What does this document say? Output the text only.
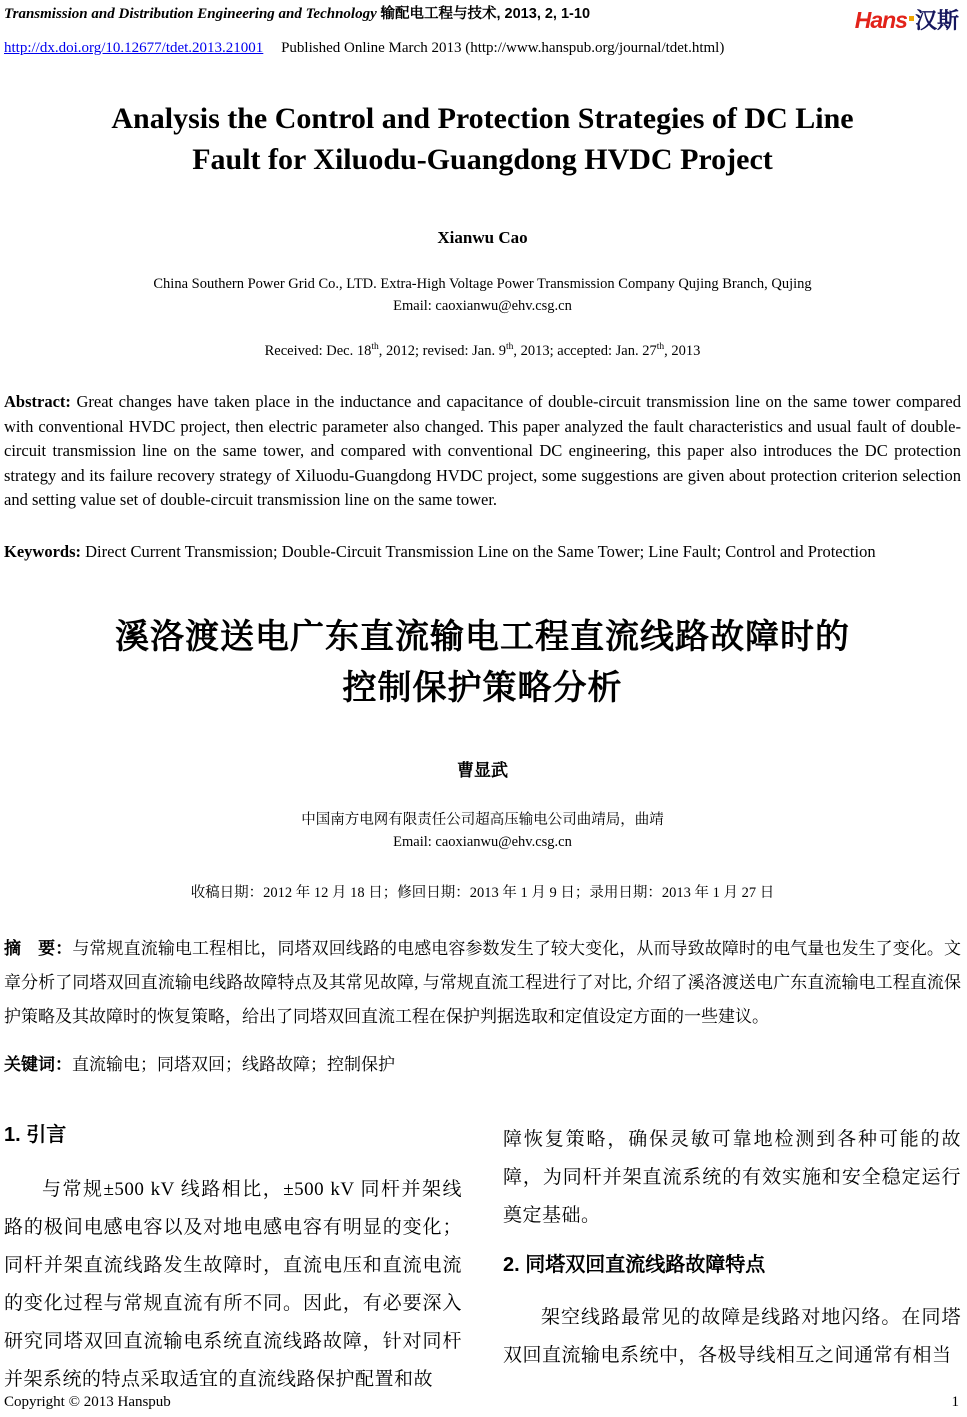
Transmission and Distribution Engineering and Technology 输配电工程与技术, 2013, 2, 1-10	Hans 汉斯
http://dx.doi.org/10.12677/tdet.2013.21001 Published Online March 2013 (http://www.hanspub.org/journal/tdet.html)
Analysis the Control and Protection Strategies of DC Line
Fault for Xiluodu-Guangdong HVDC Project
Xianwu Cao
China Southern Power Grid Co., LTD. Extra-High Voltage Power Transmission Company Qujing Branch, Qujing
Email: caoxianwu@ehv.csg.cn
Received: Dec. 18th, 2012; revised: Jan. 9th, 2013; accepted: Jan. 27th, 2013

Abstract: Great changes have taken place in the inductance and capacitance of double-circuit transmission line on the same tower compared with conventional HVDC project, then electric parameter also changed. This paper analyzed the fault characteristics and usual fault of double-circuit transmission line on the same tower, and compared with conventional DC engineering, this paper also introduces the DC protection strategy and its failure recovery strategy of Xiluodu-Guangdong HVDC project, some suggestions are given about protection criterion selection and setting value set of double-circuit transmission line on the same tower.

Keywords: Direct Current Transmission; Double-Circuit Transmission Line on the Same Tower; Line Fault; Control and Protection

溪洛渡送电广东直流输电工程直流线路故障时的
控制保护策略分析
曹显武
中国南方电网有限责任公司超高压输电公司曲靖局，曲靖
Email: caoxianwu@ehv.csg.cn
收稿日期：2012 年 12 月 18 日；修回日期：2013 年 1 月 9 日；录用日期：2013 年 1 月 27 日

摘　要：与常规直流输电工程相比，同塔双回线路的电感电容参数发生了较大变化，从而导致故障时的电气量也发生了变化。文章分析了同塔双回直流输电线路故障特点及其常见故障, 与常规直流工程进行了对比, 介绍了溪洛渡送电广东直流输电工程直流保护策略及其故障时的恢复策略，给出了同塔双回直流工程在保护判据选取和定值设定方面的一些建议。

关键词：直流输电；同塔双回；线路故障；控制保护

1. 引言

与常规±500 kV 线路相比，±500 kV 同杆并架线路的极间电感电容以及对地电感电容有明显的变化；同杆并架直流线路发生故障时，直流电压和直流电流的变化过程与常规直流有所不同。因此，有必要深入研究同塔双回直流输电系统直流线路故障，针对同杆并架系统的特点采取适宜的直流线路保护配置和故

障恢复策略，确保灵敏可靠地检测到各种可能的故障，为同杆并架直流系统的有效实施和安全稳定运行奠定基础。

2. 同塔双回直流线路故障特点

架空线路最常见的故障是线路对地闪络。在同塔双回直流输电系统中，各极导线相互之间通常有相当

Copyright © 2013 Hanspub	1
